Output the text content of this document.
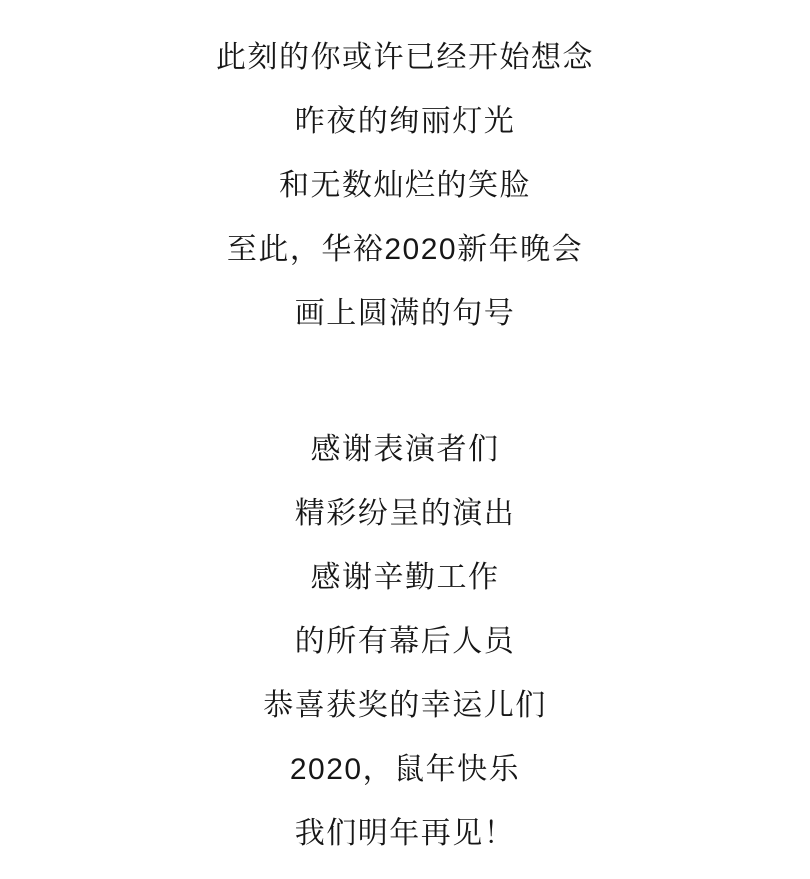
此刻的你或许已经开始想念
昨夜的绚丽灯光
和无数灿烂的笑脸
至此，华裕2020新年晚会
画上圆满的句号
感谢表演者们
精彩纷呈的演出
感谢辛勤工作
的所有幕后人员
恭喜获奖的幸运儿们
2020，鼠年快乐
我们明年再见！
